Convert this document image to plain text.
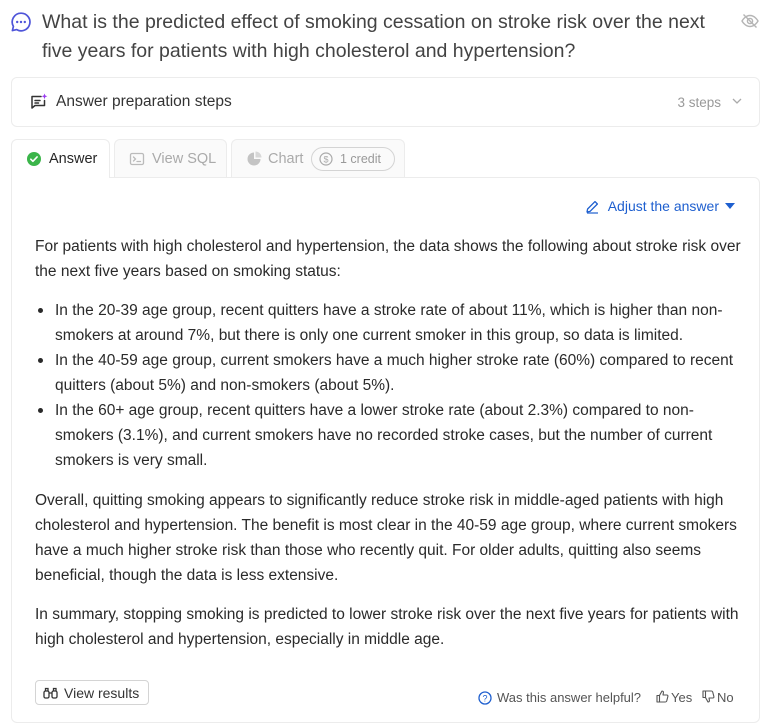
What is the predicted effect of smoking cessation on stroke risk over the next five years for patients with high cholesterol and hypertension?
Answer preparation steps	3 steps
Answer	View SQL	Chart $ 1 credit
Adjust the answer

For patients with high cholesterol and hypertension, the data shows the following about stroke risk over the next five years based on smoking status:

In the 20-39 age group, recent quitters have a stroke rate of about 11%, which is higher than non-smokers at around 7%, but there is only one current smoker in this group, so data is limited.
In the 40-59 age group, current smokers have a much higher stroke rate (60%) compared to recent quitters (about 5%) and non-smokers (about 5%).
In the 60+ age group, recent quitters have a lower stroke rate (about 2.3%) compared to non-smokers (3.1%), and current smokers have no recorded stroke cases, but the number of current smokers is very small.

Overall, quitting smoking appears to significantly reduce stroke risk in middle-aged patients with high cholesterol and hypertension. The benefit is most clear in the 40-59 age group, where current smokers have a much higher stroke risk than those who recently quit. For older adults, quitting also seems beneficial, though the data is less extensive.

In summary, stopping smoking is predicted to lower stroke risk over the next five years for patients with high cholesterol and hypertension, especially in middle age.

View results	? Was this answer helpful? Yes No
